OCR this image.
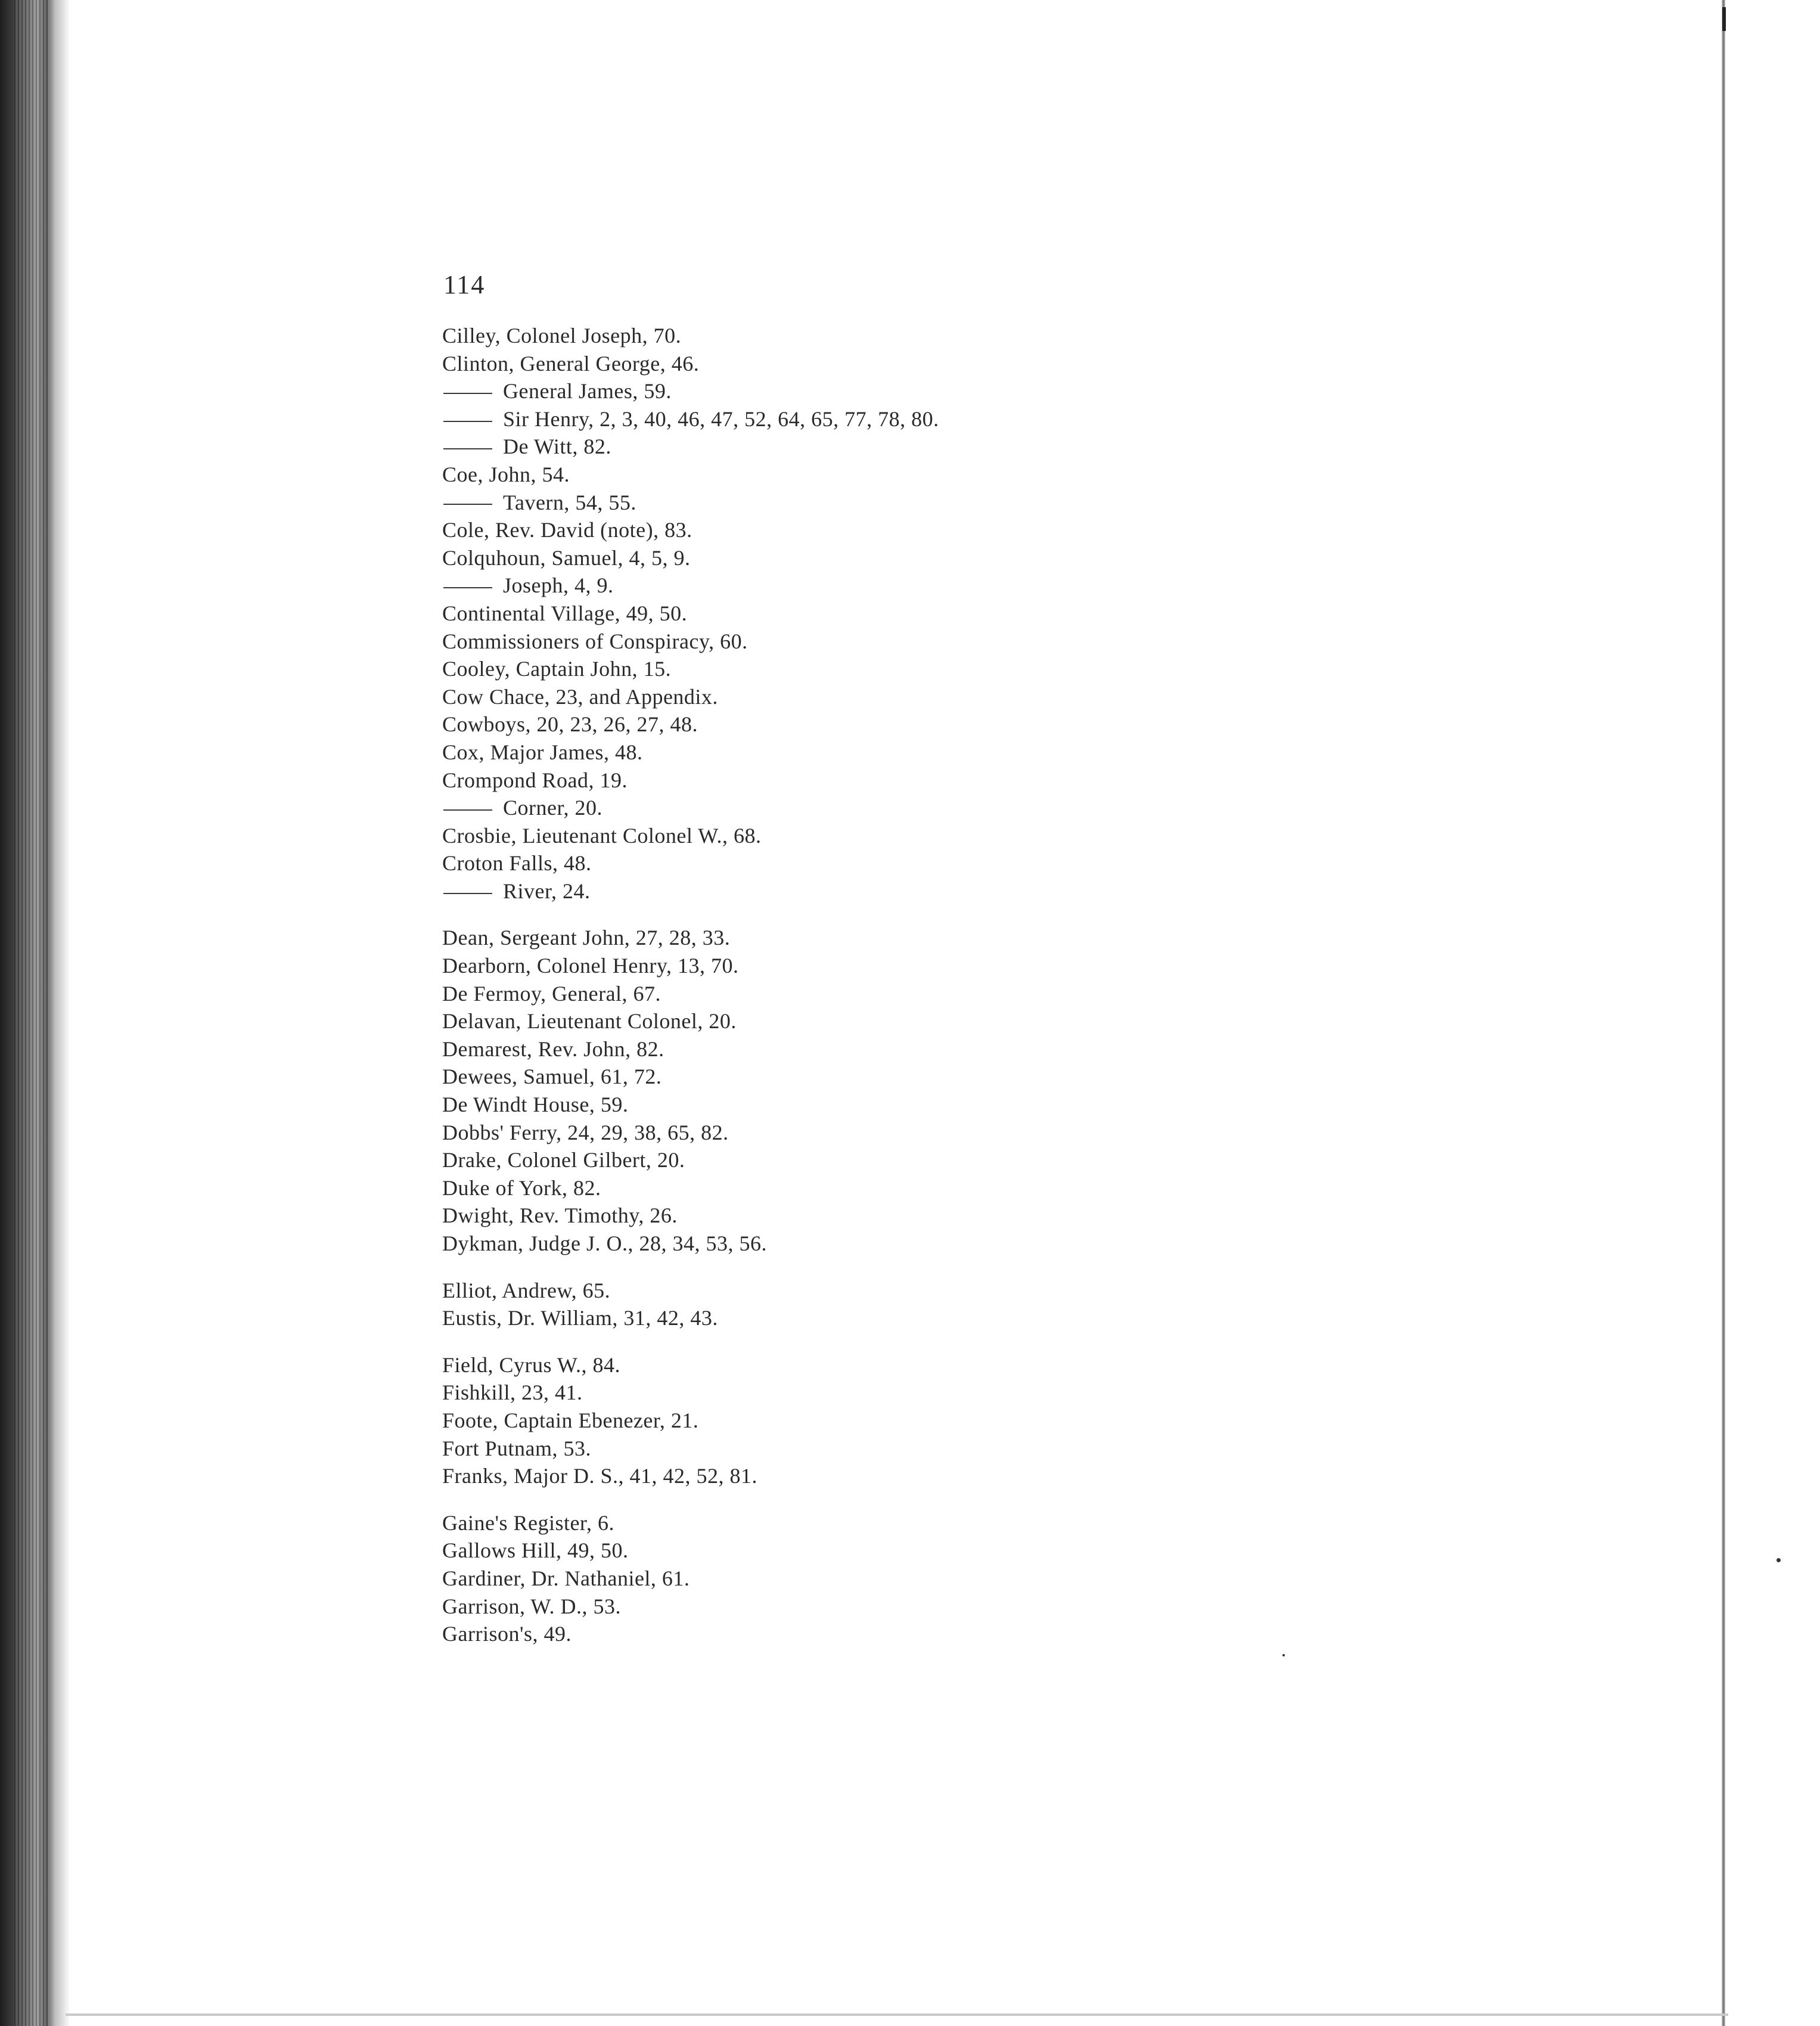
114
Cilley, Colonel Joseph, 70.
Clinton, General George, 46.
General James, 59.
Sir Henry, 2, 3, 40, 46, 47, 52, 64, 65, 77, 78, 80.
De Witt, 82.
Coe, John, 54.
Tavern, 54, 55.
Cole, Rev. David (note), 83.
Colquhoun, Samuel, 4, 5, 9.
Joseph, 4, 9.
Continental Village, 49, 50.
Commissioners of Conspiracy, 60.
Cooley, Captain John, 15.
Cow Chace, 23, and Appendix.
Cowboys, 20, 23, 26, 27, 48.
Cox, Major James, 48.
Crompond Road, 19.
Corner, 20.
Crosbie, Lieutenant Colonel W., 68.
Croton Falls, 48.
River, 24.
Dean, Sergeant John, 27, 28, 33.
Dearborn, Colonel Henry, 13, 70.
De Fermoy, General, 67.
Delavan, Lieutenant Colonel, 20.
Demarest, Rev. John, 82.
Dewees, Samuel, 61, 72.
De Windt House, 59.
Dobbs' Ferry, 24, 29, 38, 65, 82.
Drake, Colonel Gilbert, 20.
Duke of York, 82.
Dwight, Rev. Timothy, 26.
Dykman, Judge J. O., 28, 34, 53, 56.
Elliot, Andrew, 65.
Eustis, Dr. William, 31, 42, 43.
Field, Cyrus W., 84.
Fishkill, 23, 41.
Foote, Captain Ebenezer, 21.
Fort Putnam, 53.
Franks, Major D. S., 41, 42, 52, 81.
Gaine's Register, 6.
Gallows Hill, 49, 50.
Gardiner, Dr. Nathaniel, 61.
Garrison, W. D., 53.
Garrison's, 49.
